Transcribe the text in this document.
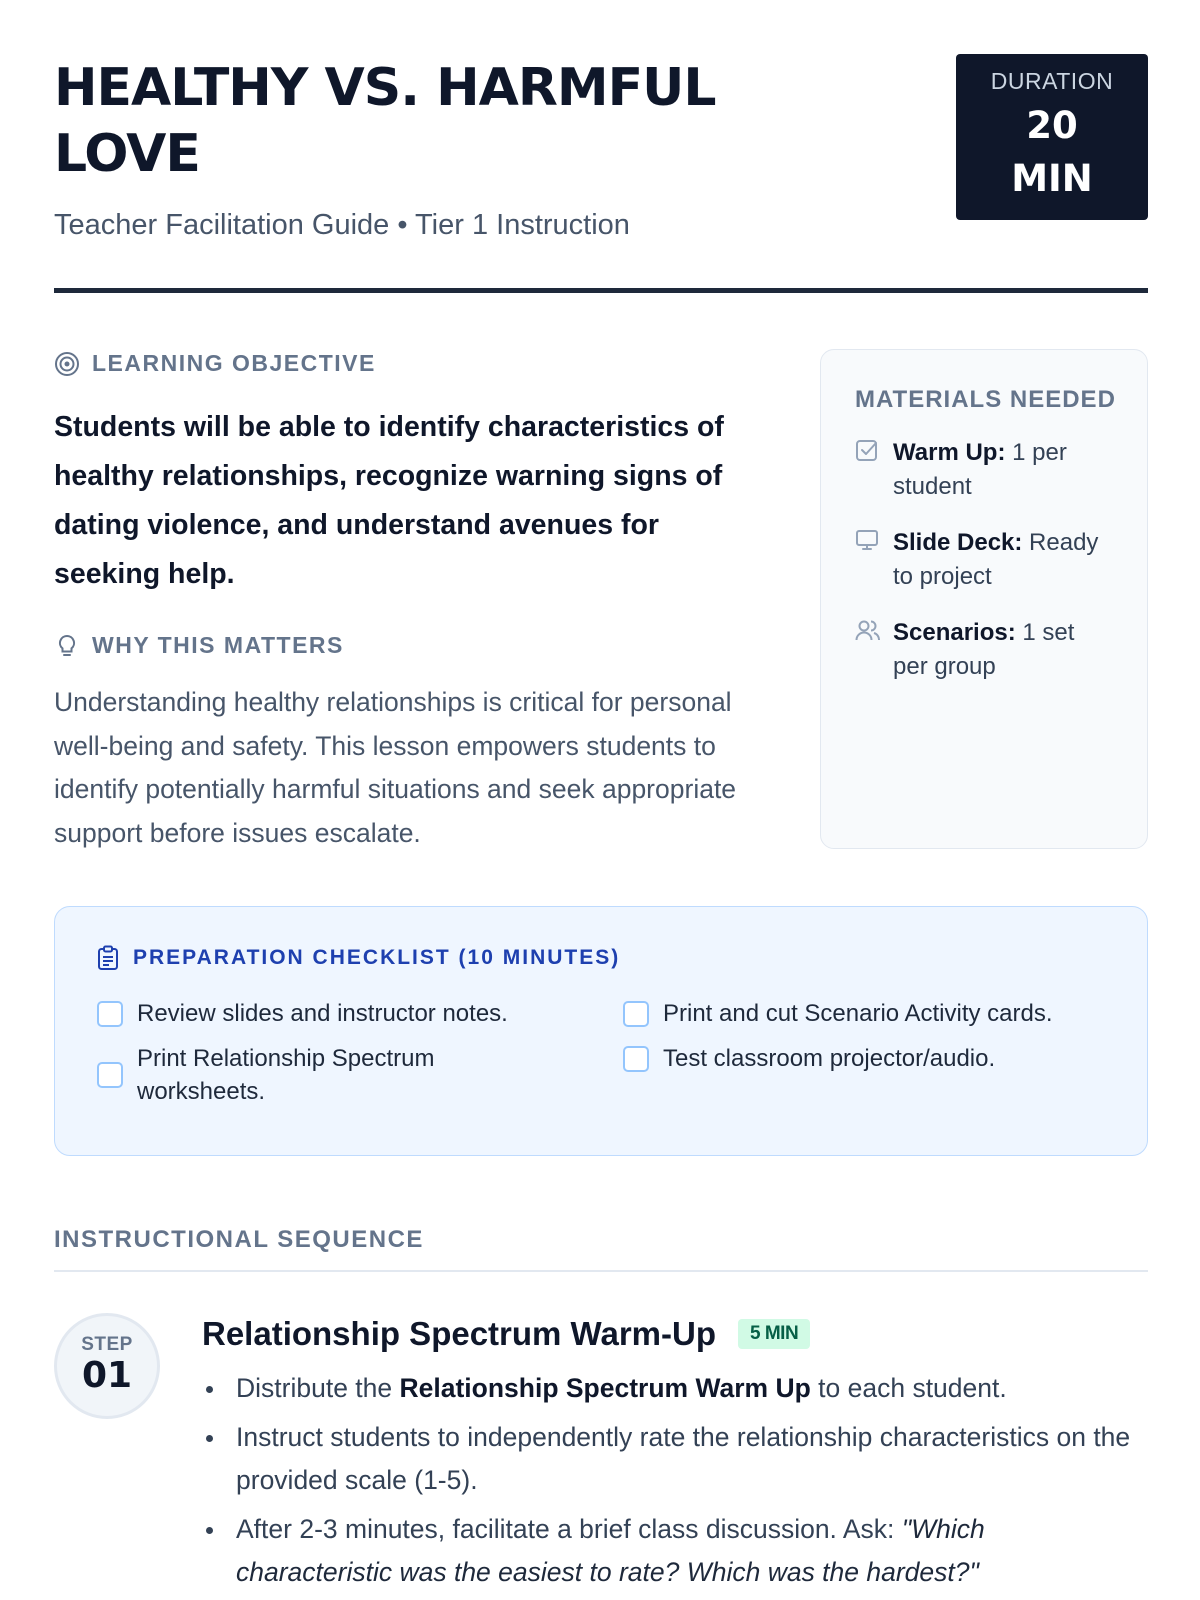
HEALTHY VS. HARMFUL LOVE
Teacher Facilitation Guide • Tier 1 Instruction
DURATION
20
MIN
LEARNING OBJECTIVE
Students will be able to identify characteristics of healthy relationships, recognize warning signs of dating violence, and understand avenues for seeking help.
WHY THIS MATTERS
Understanding healthy relationships is critical for personal well-being and safety. This lesson empowers students to identify potentially harmful situations and seek appropriate support before issues escalate.
MATERIALS NEEDED
Warm Up: 1 per student
Slide Deck: Ready to project
Scenarios: 1 set per group
PREPARATION CHECKLIST (10 MINUTES)
Review slides and instructor notes.	Print and cut Scenario Activity cards.
Print Relationship Spectrum worksheets.
Test classroom projector/audio.
INSTRUCTIONAL SEQUENCE
STEP
01
Relationship Spectrum Warm-Up	5 MIN
Distribute the Relationship Spectrum Warm Up to each student.
Instruct students to independently rate the relationship characteristics on the provided scale (1-5).
After 2-3 minutes, facilitate a brief class discussion. Ask: "Which characteristic was the easiest to rate? Which was the hardest?"
